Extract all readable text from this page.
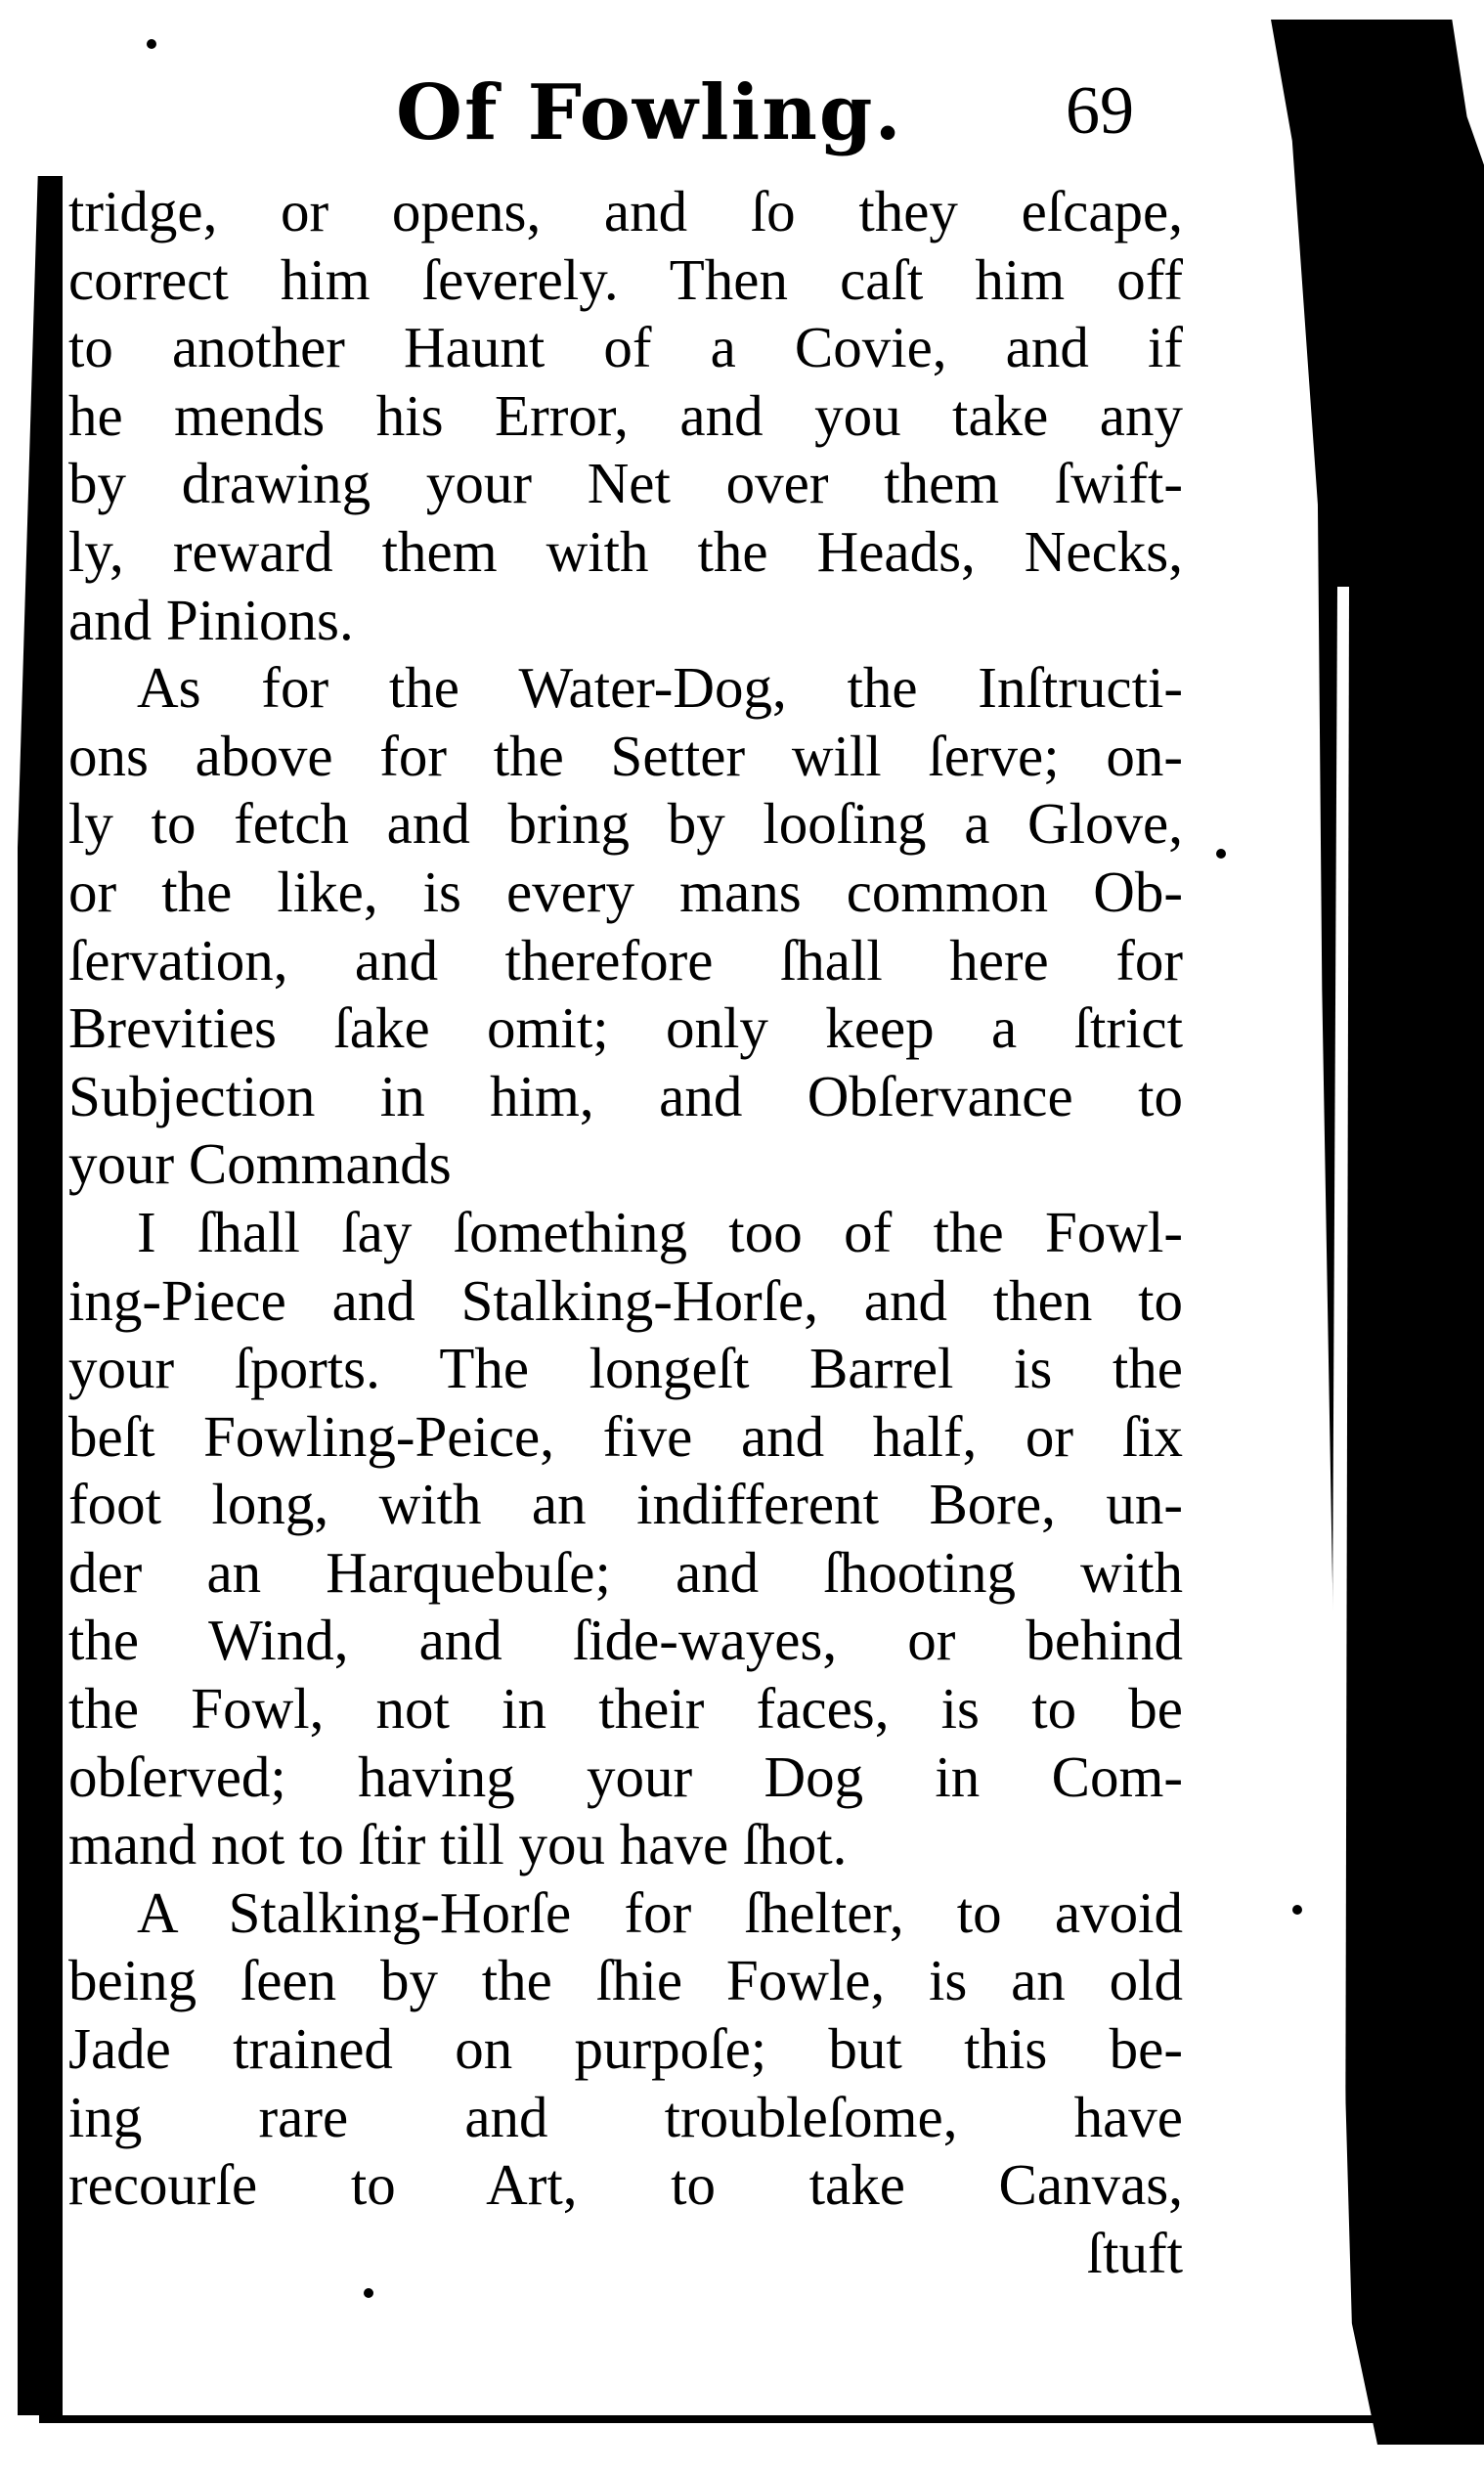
Of Fowling. 69
tridge, or opens, and ſo they eſcape,
correct him ſeverely. Then caſt him off
to another Haunt of a Covie, and if
he mends his Error, and you take any
by drawing your Net over them ſwift-
ly, reward them with the Heads, Necks,
and Pinions.
As for the Water-Dog, the Inſtructi-
ons above for the Setter will ſerve; on-
ly to fetch and bring by looſing a Glove,
or the like, is every mans common Ob-
ſervation, and therefore ſhall here for
Brevities ſake omit; only keep a ſtrict
Subjection in him, and Obſervance to
your Commands
I ſhall ſay ſomething too of the Fowl-
ing-Piece and Stalking-Horſe, and then to
your ſports. The longeſt Barrel is the
beſt Fowling-Peice, five and half, or ſix
foot long, with an indifferent Bore, un-
der an Harquebuſe; and ſhooting with
the Wind, and ſide-wayes, or behind
the Fowl, not in their faces, is to be
obſerved; having your Dog in Com-
mand not to ſtir till you have ſhot.
A Stalking-Horſe for ſhelter, to avoid
being ſeen by the ſhie Fowle, is an old
Jade trained on purpoſe; but this be-
ing rare and troubleſome, have
recourſe to Art, to take Canvas,
ſtuft
